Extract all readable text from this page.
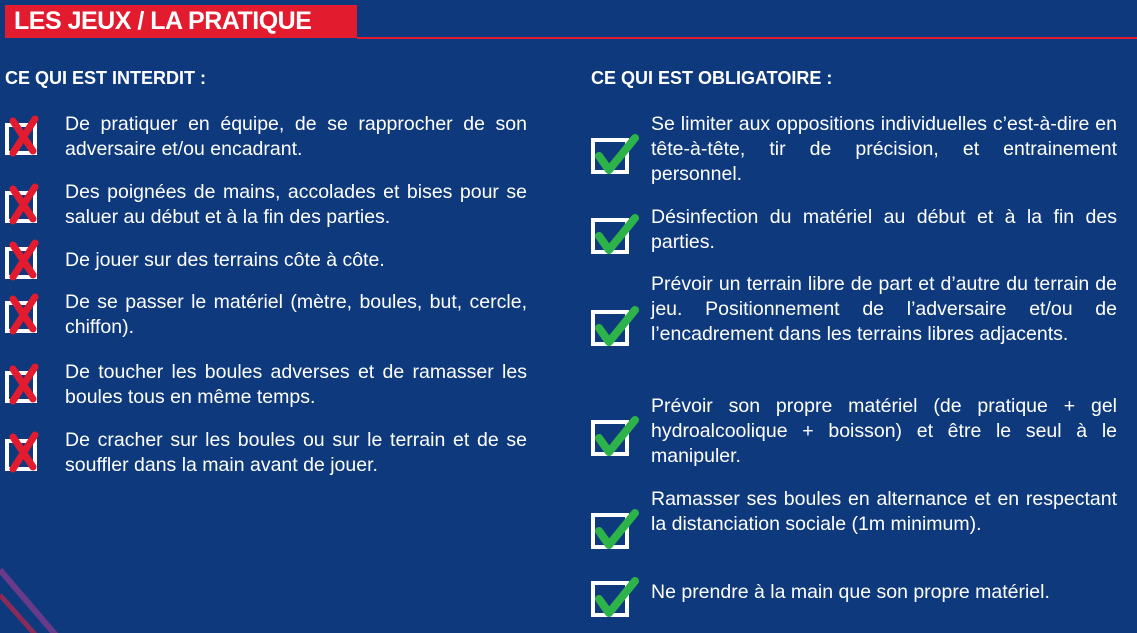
LES JEUX / LA PRATIQUE
CE QUI EST INTERDIT :	CE QUI EST OBLIGATOIRE :
De pratiquer en équipe, de se rapprocher de son adversaire et/ou encadrant.
Des poignées de mains, accolades et bises pour se saluer au début et à la fin des parties.
De jouer sur des terrains côte à côte.
De se passer le matériel (mètre, boules, but, cercle, chiffon).
De toucher les boules adverses et de ramasser les boules tous en même temps.
De cracher sur les boules ou sur le terrain et de se souffler dans la main avant de jouer.
Se limiter aux oppositions individuelles c’est-à-dire en tête-à-tête, tir de précision, et entrainement personnel.
Désinfection du matériel au début et à la fin des parties.
Prévoir un terrain libre de part et d’autre du terrain de jeu. Positionnement de l’adversaire et/ou de l’encadrement dans les terrains libres adjacents.
Prévoir son propre matériel (de pratique + gel hydroalcoolique + boisson) et être le seul à le manipuler.
Ramasser ses boules en alternance et en respectant la distanciation sociale (1m minimum).
Ne prendre à la main que son propre matériel.
